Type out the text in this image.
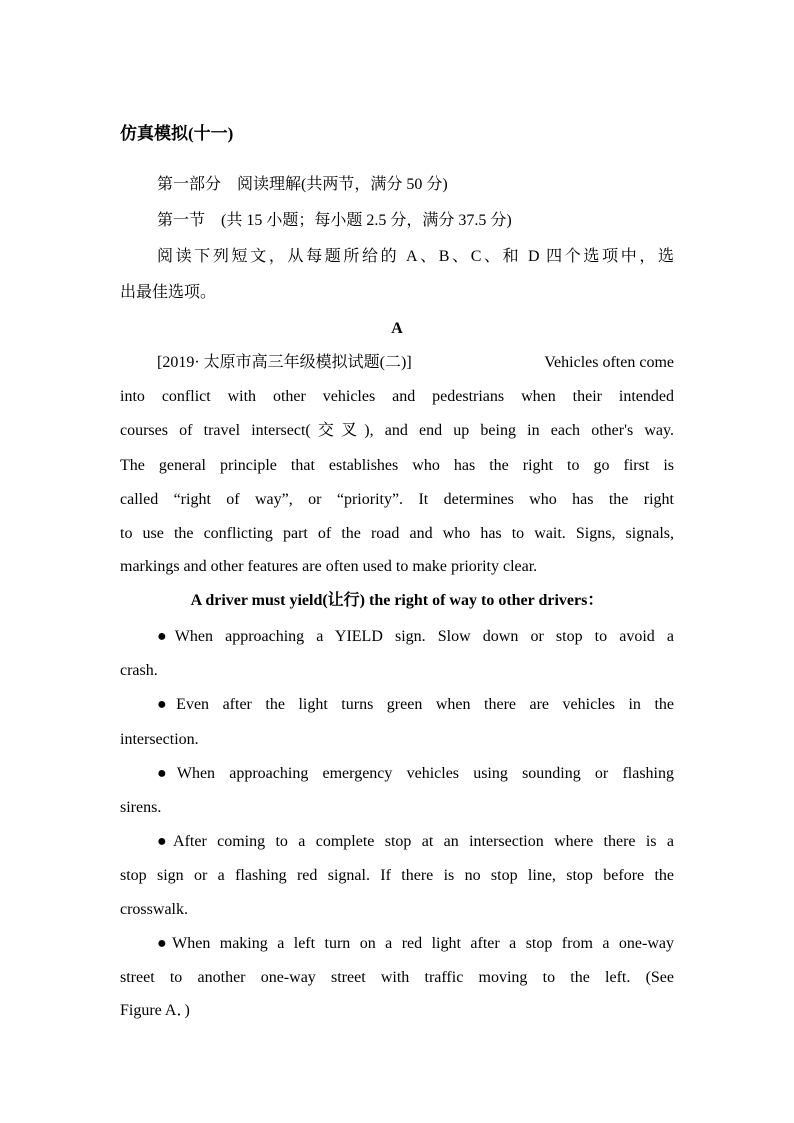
仿真模拟(十一)
第一部分　阅读理解(共两节，满分 50 分)
第一节　(共 15 小题；每小题 2.5 分，满分 37.5 分)
阅读下列短文，从每题所给的 A、B、C、和 D 四个选项中，选
出最佳选项。
A
[2019· 太原市高三年级模拟试题(二)]	Vehicles often come
into conflict with other vehicles and pedestrians when their intended
courses of travel intersect(交叉), and end up being in each other's way.
The general principle that establishes who has the right to go first is
called “right of way”, or “priority”. It determines who has the right
to use the conflicting part of the road and who has to wait. Signs, signals,
markings and other features are often used to make priority clear.
A driver must yield(让行) the right of way to other drivers：
●When approaching a YIELD sign. Slow down or stop to avoid a
crash.
●Even after the light turns green when there are vehicles in the
intersection.
●When approaching emergency vehicles using sounding or flashing
sirens.
●After coming to a complete stop at an intersection where there is a
stop sign or a flashing red signal. If there is no stop line, stop before the
crosswalk.
●When making a left turn on a red light after a stop from a one-way
street to another one-way street with traffic moving to the left. (See
Figure A．)
